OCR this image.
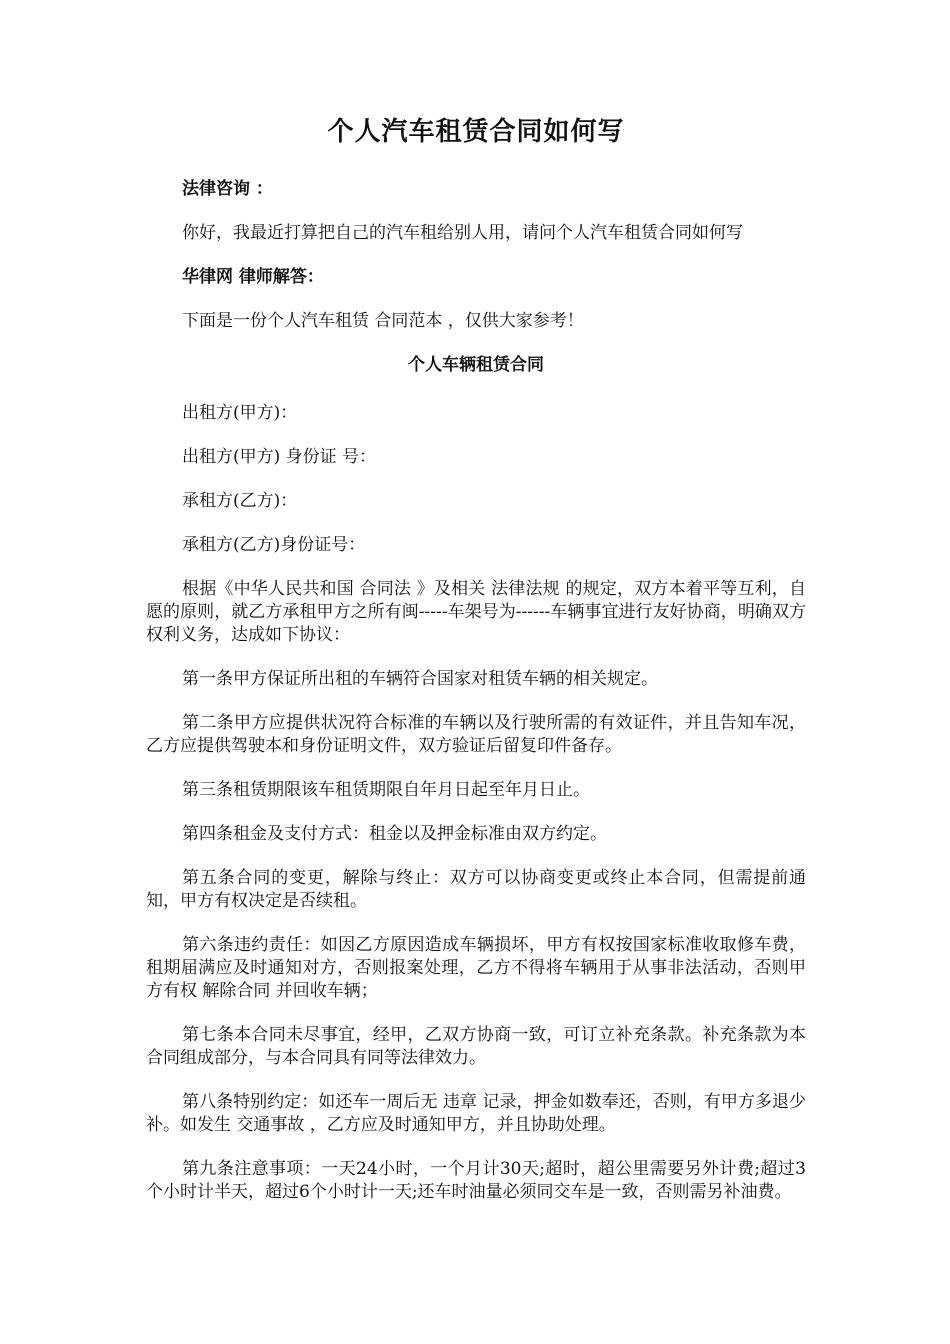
个人汽车租赁合同如何写

法律咨询 ：

你好，我最近打算把自己的汽车租给别人用，请问个人汽车租赁合同如何写

华律网 律师解答：

下面是一份个人汽车租赁 合同范本 ，仅供大家参考！

个人车辆租赁合同

出租方(甲方)：

出租方(甲方) 身份证 号：

承租方(乙方)：

承租方(乙方)身份证号：

根据《中华人民共和国 合同法 》及相关 法律法规 的规定，双方本着平等互利，自愿的原则，就乙方承租甲方之所有闽-----车架号为------车辆事宜进行友好协商，明确双方权利义务，达成如下协议：

第一条甲方保证所出租的车辆符合国家对租赁车辆的相关规定。

第二条甲方应提供状况符合标准的车辆以及行驶所需的有效证件，并且告知车况，乙方应提供驾驶本和身份证明文件，双方验证后留复印件备存。

第三条租赁期限该车租赁期限自年月日起至年月日止。

第四条租金及支付方式：租金以及押金标准由双方约定。

第五条合同的变更，解除与终止：双方可以协商变更或终止本合同，但需提前通知，甲方有权决定是否续租。

第六条违约责任：如因乙方原因造成车辆损坏，甲方有权按国家标准收取修车费，租期届满应及时通知对方，否则报案处理，乙方不得将车辆用于从事非法活动，否则甲方有权 解除合同 并回收车辆；

第七条本合同未尽事宜，经甲，乙双方协商一致，可订立补充条款。补充条款为本合同组成部分，与本合同具有同等法律效力。

第八条特别约定：如还车一周后无 违章 记录，押金如数奉还，否则，有甲方多退少补。如发生 交通事故 ，乙方应及时通知甲方，并且协助处理。

第九条注意事项：一天24小时，一个月计30天;超时，超公里需要另外计费;超过3个小时计半天，超过6个小时计一天;还车时油量必须同交车是一致，否则需另补油费。
